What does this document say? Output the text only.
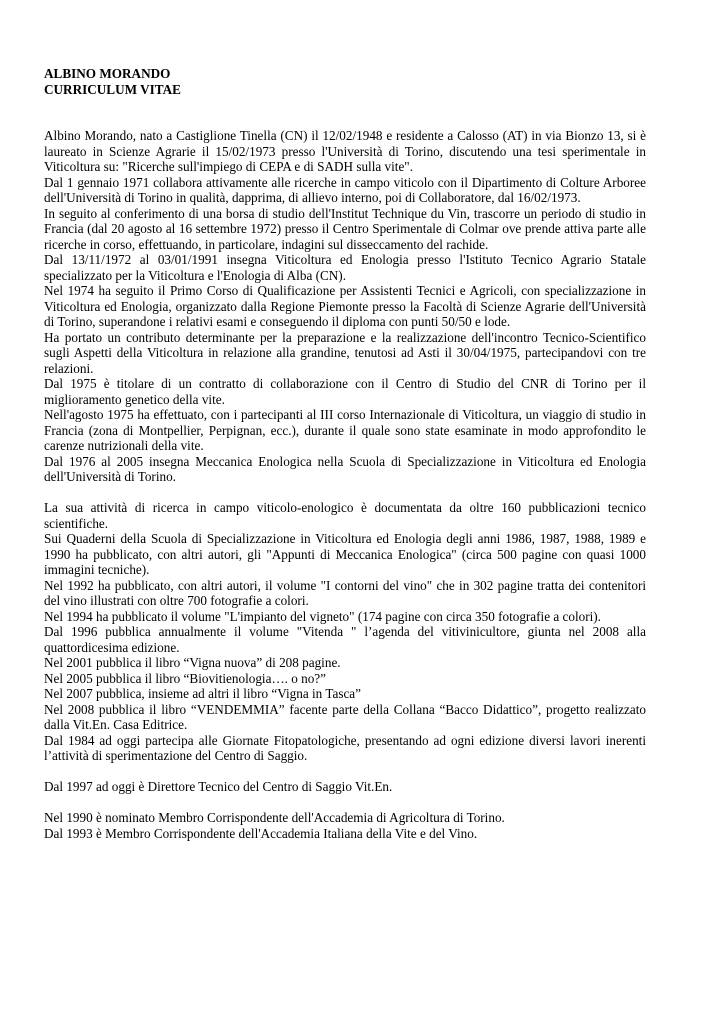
ALBINO MORANDO

CURRICULUM VITAE

Albino Morando, nato a Castiglione Tinella (CN) il 12/02/1948 e residente a Calosso (AT) in via Bionzo 13, si è laureato in Scienze Agrarie il 15/02/1973 presso l'Università di Torino, discutendo una tesi sperimentale in Viticoltura su: "Ricerche sull'impiego di CEPA e di SADH sulla vite".

Dal 1 gennaio 1971 collabora attivamente alle ricerche in campo viticolo con il Dipartimento di Colture Arboree dell'Università di Torino in qualità, dapprima, di allievo interno, poi di Collaboratore, dal 16/02/1973.

In seguito al conferimento di una borsa di studio dell'Institut Technique du Vin, trascorre un periodo di studio in Francia (dal 20 agosto al 16 settembre 1972) presso il Centro Sperimentale di Colmar ove prende attiva parte alle ricerche in corso, effettuando, in particolare, indagini sul disseccamento del rachide.

Dal 13/11/1972 al 03/01/1991 insegna Viticoltura ed Enologia presso l'Istituto Tecnico Agrario Statale specializzato per la Viticoltura e l'Enologia di Alba (CN).

Nel 1974 ha seguito il Primo Corso di Qualificazione per Assistenti Tecnici e Agricoli, con specializzazione in Viticoltura ed Enologia, organizzato dalla Regione Piemonte presso la Facoltà di Scienze Agrarie dell'Università di Torino, superandone i relativi esami e conseguendo il diploma con punti 50/50 e lode.

Ha portato un contributo determinante per la preparazione e la realizzazione dell'incontro Tecnico-Scientifico sugli Aspetti della Viticoltura in relazione alla grandine, tenutosi ad Asti il 30/04/1975, partecipandovi con tre relazioni.

Dal 1975 è titolare di un contratto di collaborazione con il Centro di Studio del CNR di Torino per il miglioramento genetico della vite.

Nell'agosto 1975 ha effettuato, con i partecipanti al III corso Internazionale di Viticoltura, un viaggio di studio in Francia (zona di Montpellier, Perpignan, ecc.), durante il quale sono state esaminate in modo approfondito le carenze nutrizionali della vite.

Dal 1976 al 2005 insegna Meccanica Enologica nella Scuola di Specializzazione in Viticoltura ed Enologia dell'Università di Torino.

La sua attività di ricerca in campo viticolo-enologico è documentata da oltre 160 pubblicazioni tecnico scientifiche.

Sui Quaderni della Scuola di Specializzazione in Viticoltura ed Enologia degli anni 1986, 1987, 1988, 1989 e 1990 ha pubblicato, con altri autori, gli "Appunti di Meccanica Enologica" (circa 500 pagine con quasi 1000 immagini tecniche).

Nel 1992 ha pubblicato, con altri autori, il volume "I contorni del vino" che in 302 pagine tratta dei contenitori del vino illustrati con oltre 700 fotografie a colori.

Nel 1994 ha pubblicato il volume "L'impianto del vigneto" (174 pagine con circa 350 fotografie a colori).

Dal 1996 pubblica annualmente il volume "Vitenda " l’agenda del vitivinicultore, giunta nel 2008 alla quattordicesima edizione.

Nel 2001 pubblica il libro “Vigna nuova” di 208 pagine.

Nel 2005 pubblica il libro “Biovitienologia…. o no?”

Nel 2007 pubblica, insieme ad altri il libro “Vigna in Tasca”

Nel 2008 pubblica il libro “VENDEMMIA” facente parte della Collana “Bacco Didattico”, progetto realizzato dalla Vit.En. Casa Editrice.

Dal 1984 ad oggi partecipa alle Giornate Fitopatologiche, presentando ad ogni edizione diversi lavori inerenti l’attività di sperimentazione del Centro di Saggio.

Dal 1997 ad oggi è Direttore Tecnico del Centro di Saggio Vit.En.

Nel 1990 è nominato Membro Corrispondente dell'Accademia di Agricoltura di Torino.

Dal 1993 è Membro Corrispondente dell'Accademia Italiana della Vite e del Vino.
